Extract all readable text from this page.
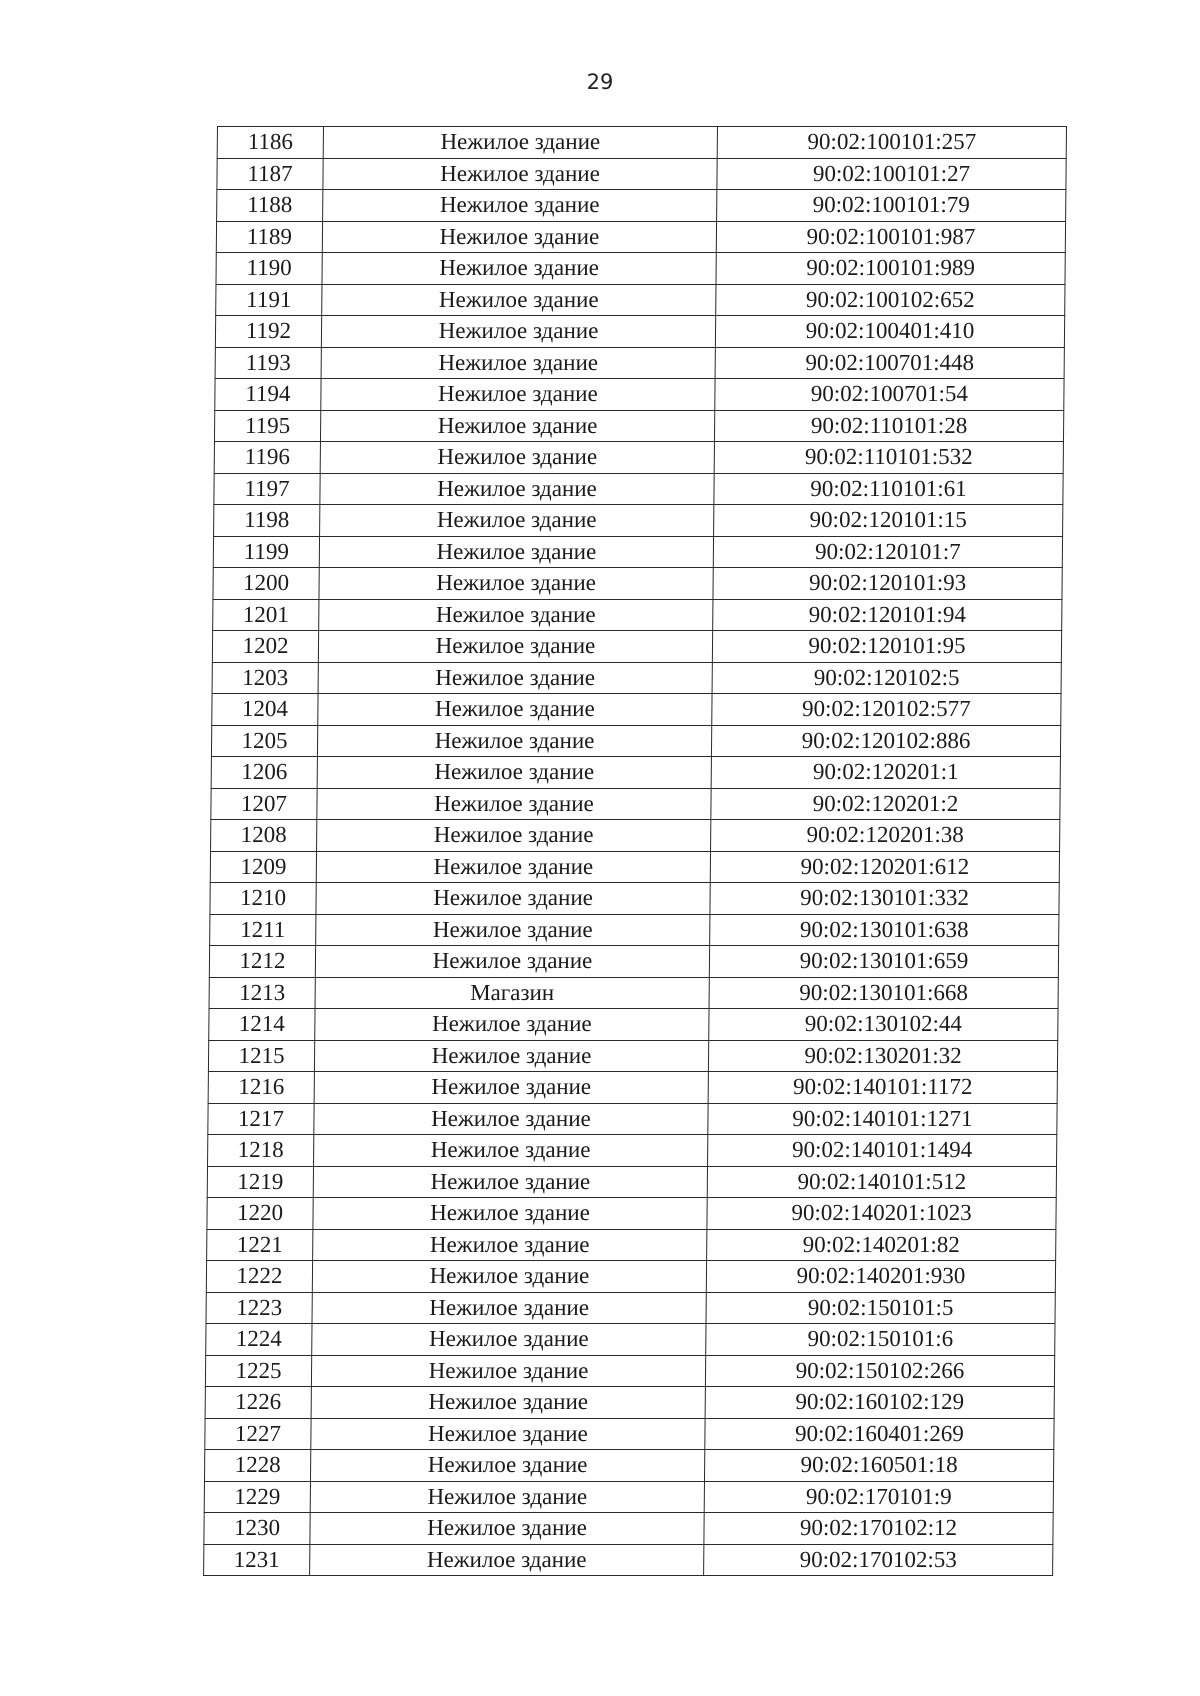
29
1186	Нежилое здание	90:02:100101:257
1187	Нежилое здание	90:02:100101:27
1188	Нежилое здание	90:02:100101:79
1189	Нежилое здание	90:02:100101:987
1190	Нежилое здание	90:02:100101:989
1191	Нежилое здание	90:02:100102:652
1192	Нежилое здание	90:02:100401:410
1193	Нежилое здание	90:02:100701:448
1194	Нежилое здание	90:02:100701:54
1195	Нежилое здание	90:02:110101:28
1196	Нежилое здание	90:02:110101:532
1197	Нежилое здание	90:02:110101:61
1198	Нежилое здание	90:02:120101:15
1199	Нежилое здание	90:02:120101:7
1200	Нежилое здание	90:02:120101:93
1201	Нежилое здание	90:02:120101:94
1202	Нежилое здание	90:02:120101:95
1203	Нежилое здание	90:02:120102:5
1204	Нежилое здание	90:02:120102:577
1205	Нежилое здание	90:02:120102:886
1206	Нежилое здание	90:02:120201:1
1207	Нежилое здание	90:02:120201:2
1208	Нежилое здание	90:02:120201:38
1209	Нежилое здание	90:02:120201:612
1210	Нежилое здание	90:02:130101:332
1211	Нежилое здание	90:02:130101:638
1212	Нежилое здание	90:02:130101:659
1213	Магазин	90:02:130101:668
1214	Нежилое здание	90:02:130102:44
1215	Нежилое здание	90:02:130201:32
1216	Нежилое здание	90:02:140101:1172
1217	Нежилое здание	90:02:140101:1271
1218	Нежилое здание	90:02:140101:1494
1219	Нежилое здание	90:02:140101:512
1220	Нежилое здание	90:02:140201:1023
1221	Нежилое здание	90:02:140201:82
1222	Нежилое здание	90:02:140201:930
1223	Нежилое здание	90:02:150101:5
1224	Нежилое здание	90:02:150101:6
1225	Нежилое здание	90:02:150102:266
1226	Нежилое здание	90:02:160102:129
1227	Нежилое здание	90:02:160401:269
1228	Нежилое здание	90:02:160501:18
1229	Нежилое здание	90:02:170101:9
1230	Нежилое здание	90:02:170102:12
1231	Нежилое здание	90:02:170102:53
